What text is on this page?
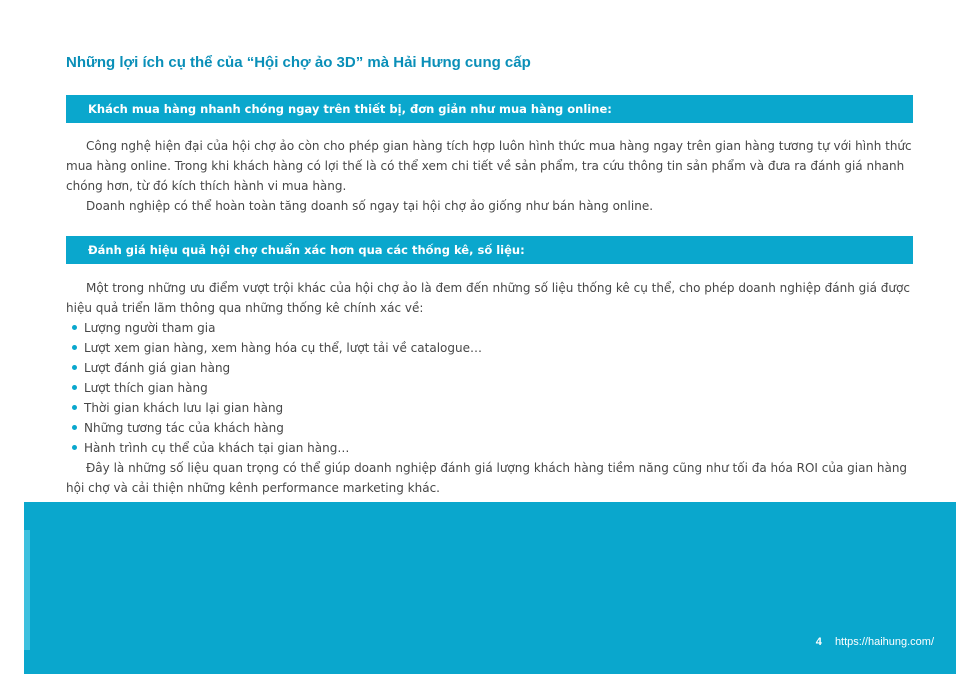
Những lợi ích cụ thể của “Hội chợ ảo 3D” mà Hải Hưng cung cấp
Khách mua hàng nhanh chóng ngay trên thiết bị, đơn giản như mua hàng online:

Công nghệ hiện đại của hội chợ ảo còn cho phép gian hàng tích hợp luôn hình thức mua hàng ngay trên gian hàng tương tự với hình thức mua hàng online. Trong khi khách hàng có lợi thế là có thể xem chi tiết về sản phẩm, tra cứu thông tin sản phẩm và đưa ra đánh giá nhanh chóng hơn, từ đó kích thích hành vi mua hàng.

Doanh nghiệp có thể hoàn toàn tăng doanh số ngay tại hội chợ ảo giống như bán hàng online.

Đánh giá hiệu quả hội chợ chuẩn xác hơn qua các thống kê, số liệu:

Một trong những ưu điểm vượt trội khác của hội chợ ảo là đem đến những số liệu thống kê cụ thể, cho phép doanh nghiệp đánh giá được hiệu quả triển lãm thông qua những thống kê chính xác về:

Lượng người tham gia
Lượt xem gian hàng, xem hàng hóa cụ thể, lượt tải về catalogue…
Lượt đánh giá gian hàng
Lượt thích gian hàng
Thời gian khách lưu lại gian hàng
Những tương tác của khách hàng
Hành trình cụ thể của khách tại gian hàng…

Đây là những số liệu quan trọng có thể giúp doanh nghiệp đánh giá lượng khách hàng tiềm năng cũng như tối đa hóa ROI của gian hàng hội chợ và cải thiện những kênh performance marketing khác.

4 https://haihung.com/
